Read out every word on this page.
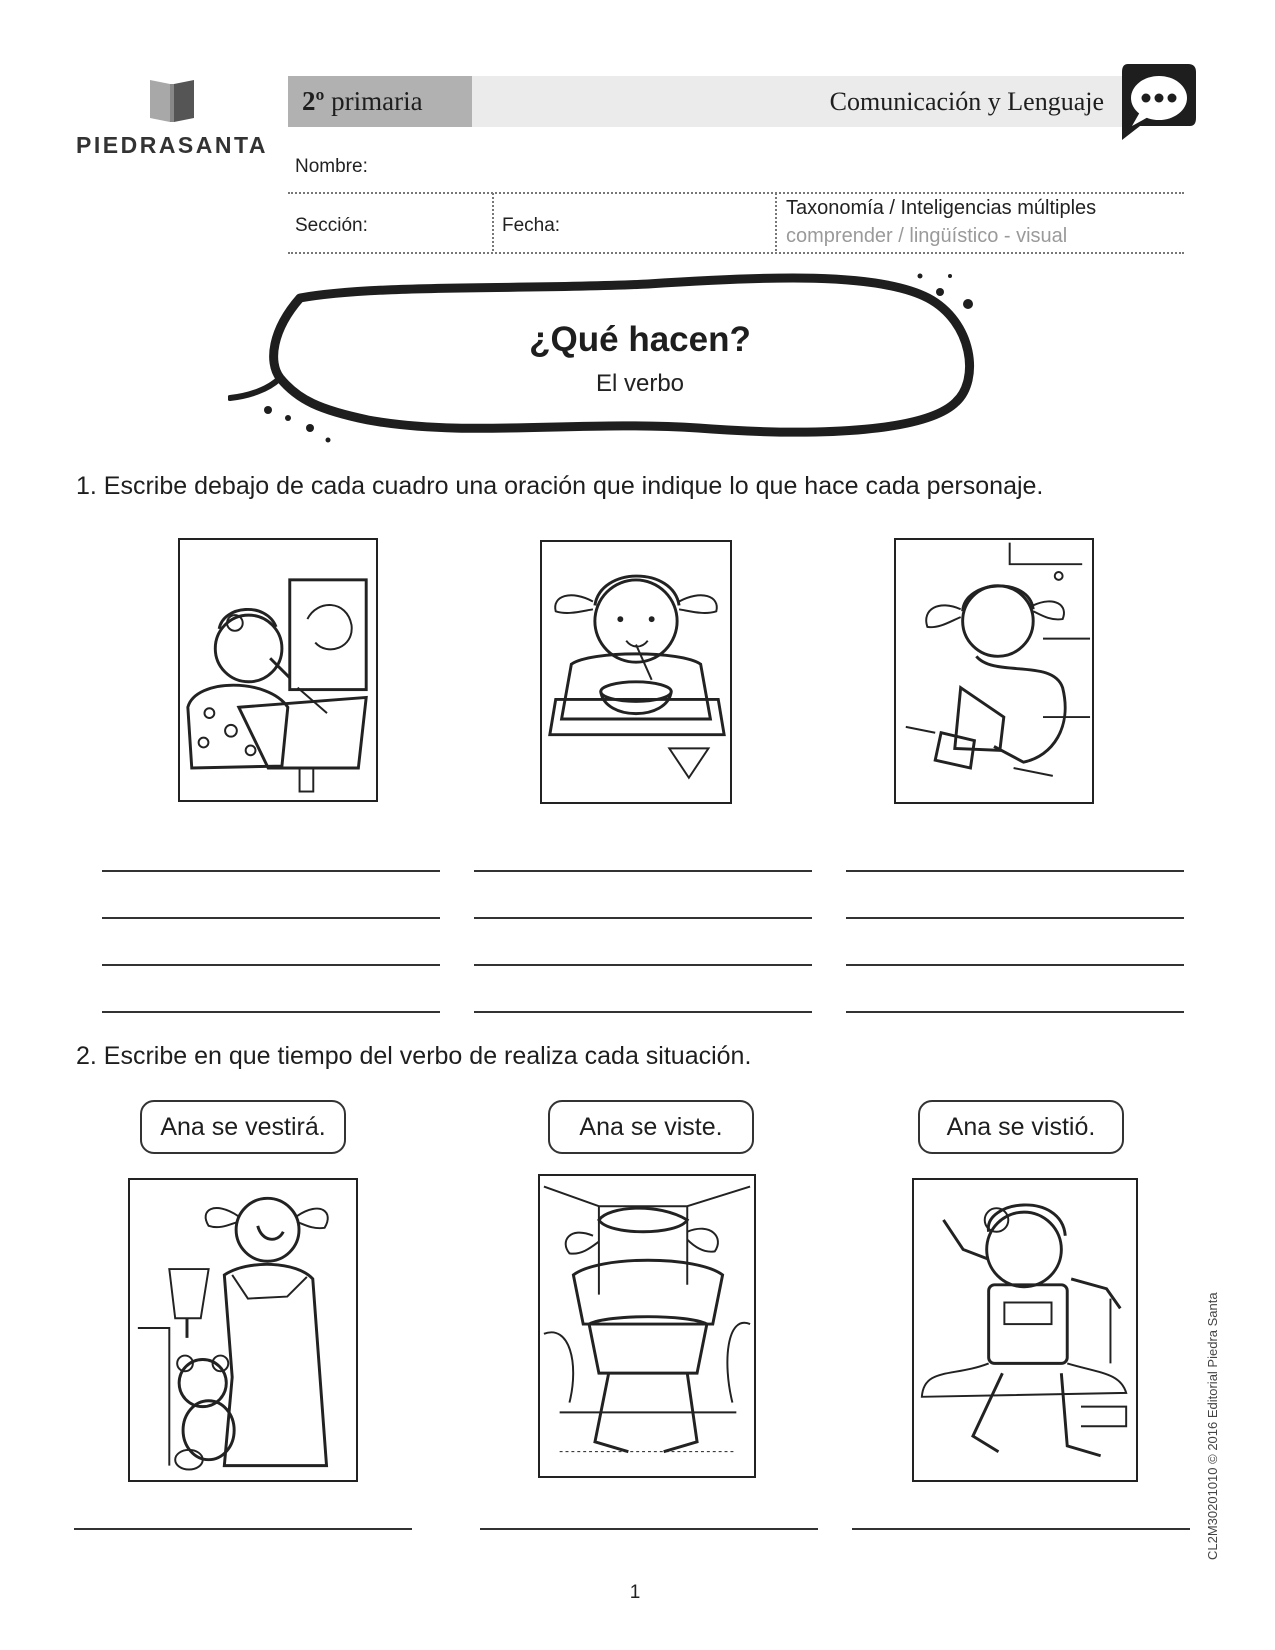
PIEDRASANTA
2º primaria	Comunicación y Lenguaje
Nombre:
Sección:	Fecha:
Taxonomía / Inteligencias múltiples
comprender / lingüístico - visual
¿Qué hacen?
El verbo
1. Escribe debajo de cada cuadro una oración que indique lo que hace cada personaje.
2. Escribe en que tiempo del verbo de realiza cada situación.
Ana se vestirá.	Ana se viste.	Ana se vistió.
CL2M30201010 © 2016 Editorial Piedra Santa
1
